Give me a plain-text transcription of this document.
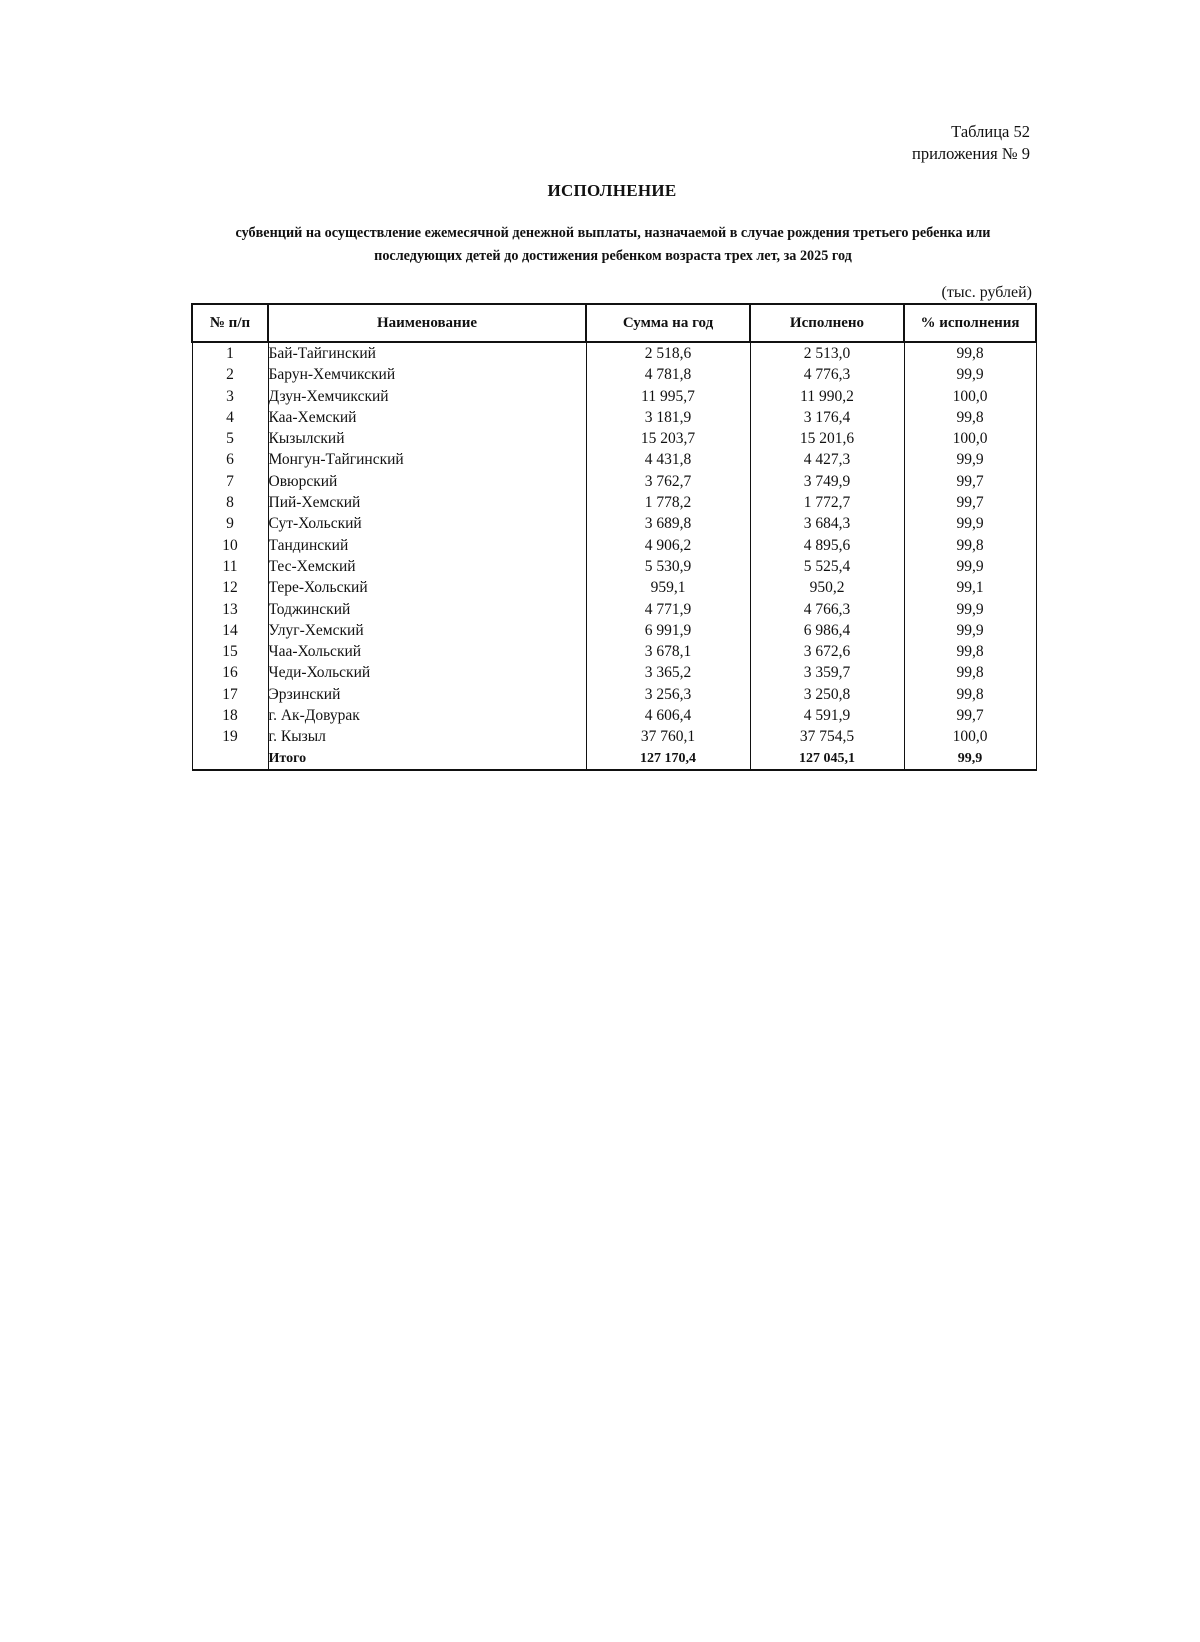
Таблица 52
приложения № 9
ИСПОЛНЕНИЕ
субвенций на осуществление ежемесячной денежной выплаты, назначаемой в случае рождения третьего ребенка или
последующих детей до достижения ребенком возраста трех лет, за 2025 год
(тыс. рублей)
№ п/п	Наименование	Сумма на год	Исполнено	% исполнения
1	Бай-Тайгинский	2 518,6	2 513,0	99,8
2	Барун-Хемчикский	4 781,8	4 776,3	99,9
3	Дзун-Хемчикский	11 995,7	11 990,2	100,0
4	Каа-Хемский	3 181,9	3 176,4	99,8
5	Кызылский	15 203,7	15 201,6	100,0
6	Монгун-Тайгинский	4 431,8	4 427,3	99,9
7	Овюрский	3 762,7	3 749,9	99,7
8	Пий-Хемский	1 778,2	1 772,7	99,7
9	Сут-Хольский	3 689,8	3 684,3	99,9
10	Тандинский	4 906,2	4 895,6	99,8
11	Тес-Хемский	5 530,9	5 525,4	99,9
12	Тере-Хольский	959,1	950,2	99,1
13	Тоджинский	4 771,9	4 766,3	99,9
14	Улуг-Хемский	6 991,9	6 986,4	99,9
15	Чаа-Хольский	3 678,1	3 672,6	99,8
16	Чеди-Хольский	3 365,2	3 359,7	99,8
17	Эрзинский	3 256,3	3 250,8	99,8
18	г. Ак-Довурак	4 606,4	4 591,9	99,7
19	г. Кызыл	37 760,1	37 754,5	100,0
	Итого	127 170,4	127 045,1	99,9
